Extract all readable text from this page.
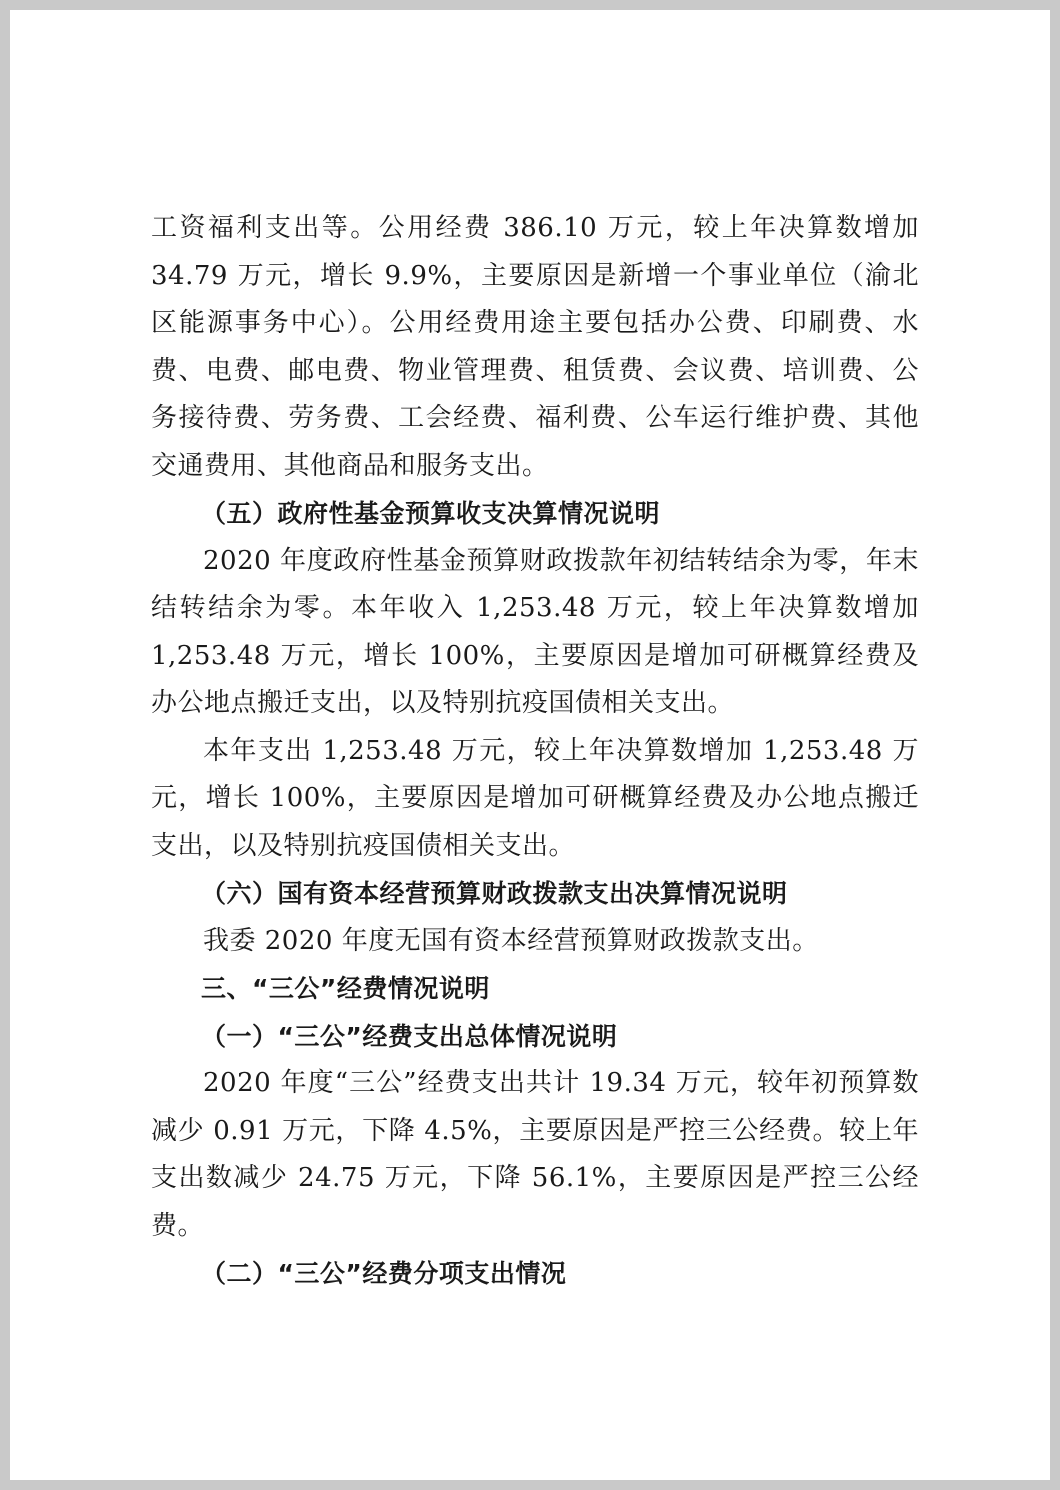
工资福利支出等。公用经费 386.10 万元，较上年决算数增加 34.79 万元，增长 9.9%，主要原因是新增一个事业单位（渝北区能源事务中心）。公用经费用途主要包括办公费、印刷费、水费、电费、邮电费、物业管理费、租赁费、会议费、培训费、公务接待费、劳务费、工会经费、福利费、公车运行维护费、其他交通费用、其他商品和服务支出。

（五）政府性基金预算收支决算情况说明

2020 年度政府性基金预算财政拨款年初结转结余为零，年末结转结余为零。本年收入 1,253.48 万元，较上年决算数增加 1,253.48 万元，增长 100%，主要原因是增加可研概算经费及办公地点搬迁支出，以及特别抗疫国债相关支出。

本年支出 1,253.48 万元，较上年决算数增加 1,253.48 万元，增长 100%，主要原因是增加可研概算经费及办公地点搬迁支出，以及特别抗疫国债相关支出。

（六）国有资本经营预算财政拨款支出决算情况说明

我委 2020 年度无国有资本经营预算财政拨款支出。

三、“三公”经费情况说明

（一）“三公”经费支出总体情况说明

2020 年度“三公”经费支出共计 19.34 万元，较年初预算数减少 0.91 万元，下降 4.5%，主要原因是严控三公经费。较上年支出数减少 24.75 万元，下降 56.1%，主要原因是严控三公经费。

（二）“三公”经费分项支出情况
